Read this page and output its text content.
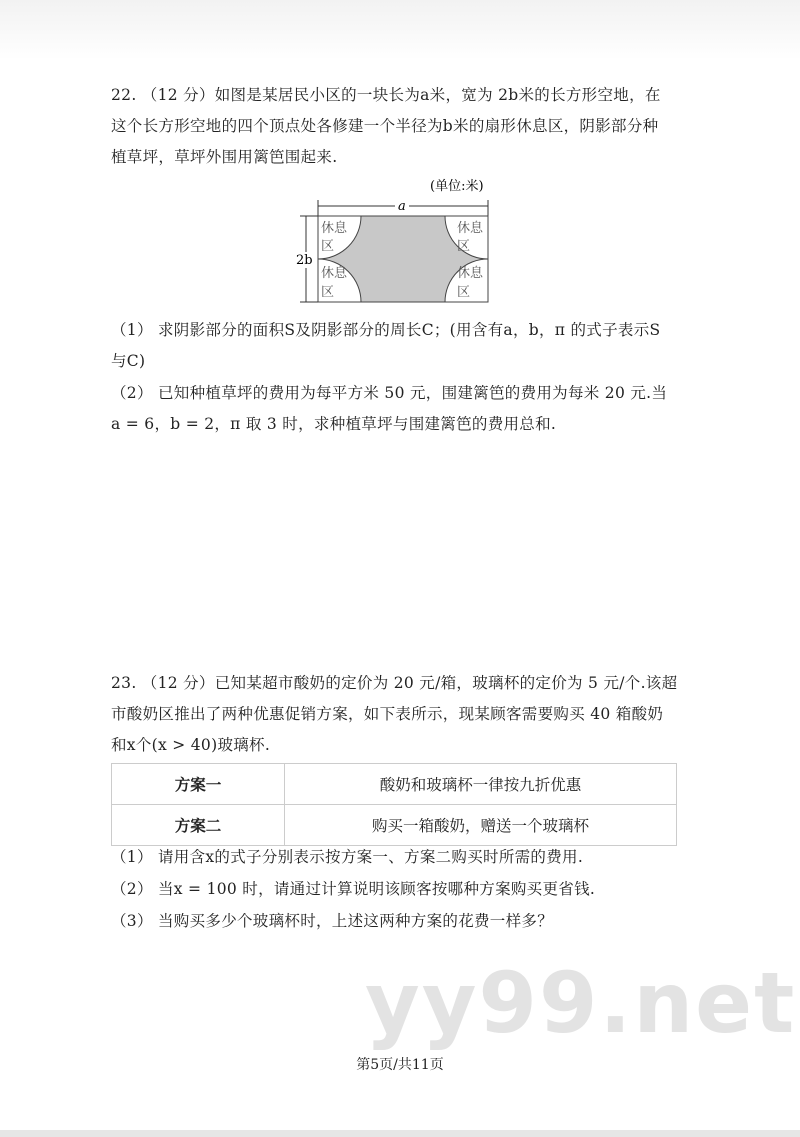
22. （12 分）如图是某居民小区的一块长为a米，宽为 2b米的长方形空地，在
这个长方形空地的四个顶点处各修建一个半径为b米的扇形休息区，阴影部分种
植草坪，草坪外围用篱笆围起来.
(单位:米)
a
2b
休息
区
休息
区
休息
区
休息
区
（1） 求阴影部分的面积S及阴影部分的周长C；(用含有a，b，π 的式子表示S
与C)
（2） 已知种植草坪的费用为每平方米 50 元，围建篱笆的费用为每米 20 元.当
a = 6，b = 2，π 取 3 时，求种植草坪与围建篱笆的费用总和.
23. （12 分）已知某超市酸奶的定价为 20 元/箱，玻璃杯的定价为 5 元/个.该超
市酸奶区推出了两种优惠促销方案，如下表所示，现某顾客需要购买 40 箱酸奶
和x个(x > 40)玻璃杯.
方案一	酸奶和玻璃杯一律按九折优惠
方案二	购买一箱酸奶，赠送一个玻璃杯
（1） 请用含x的式子分别表示按方案一、方案二购买时所需的费用.
（2） 当x = 100 时，请通过计算说明该顾客按哪种方案购买更省钱.
（3） 当购买多少个玻璃杯时，上述这两种方案的花费一样多？
yy99.net
第5页/共11页
